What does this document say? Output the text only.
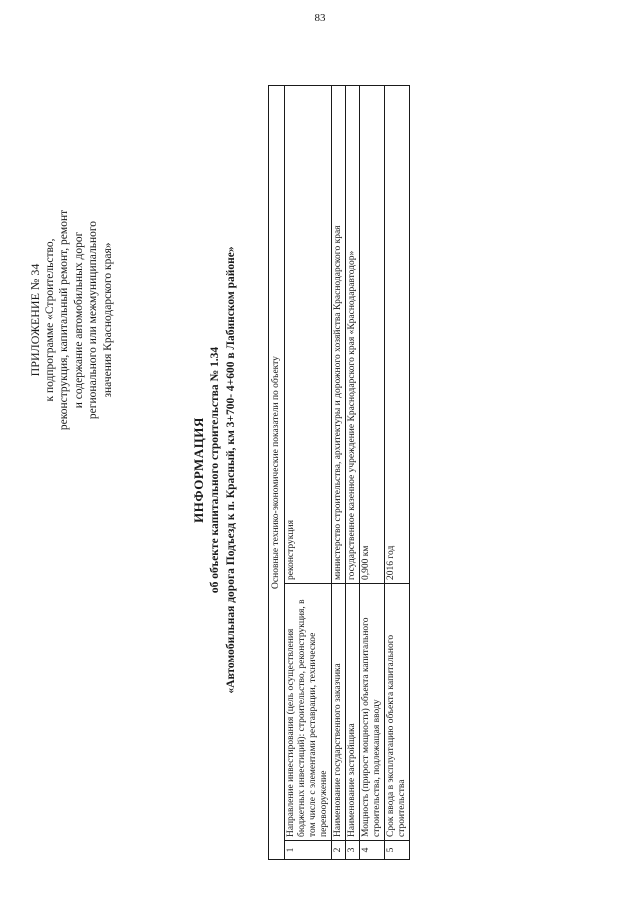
83
ПРИЛОЖЕНИЕ № 34 к подпрограмме «Строительство, реконструкция, капитальный ремонт, ремонт и содержание автомобильных дорог регионального или межмуниципального значения Краснодарского края»
ИНФОРМАЦИЯ об объекте капитального строительства № 1.34 «Автомобильная дорога Подъезд к п. Красный, км 3+700- 4+600 в Лабинском районе»	Основные технико-экономические показатели по объекту		
1	Направление инвестирования (цель осуществления бюджетных инвестиций): строительство, реконструкция, в том числе с элементами реставрации, техническое перевооружение	реконструкция
2	Наименование государственного заказчика	министерство строительства, архитектуры и дорожного хозяйства Краснодарского края
3	Наименование застройщика	государственное казенное учреждение Краснодарского края «Краснодаравтодор»
4	Мощность (прирост мощности) объекта капитального строительства, подлежащая вводу	0,900 км
5	Срок ввода в эксплуатацию объекта капитального строительства	2016 год
